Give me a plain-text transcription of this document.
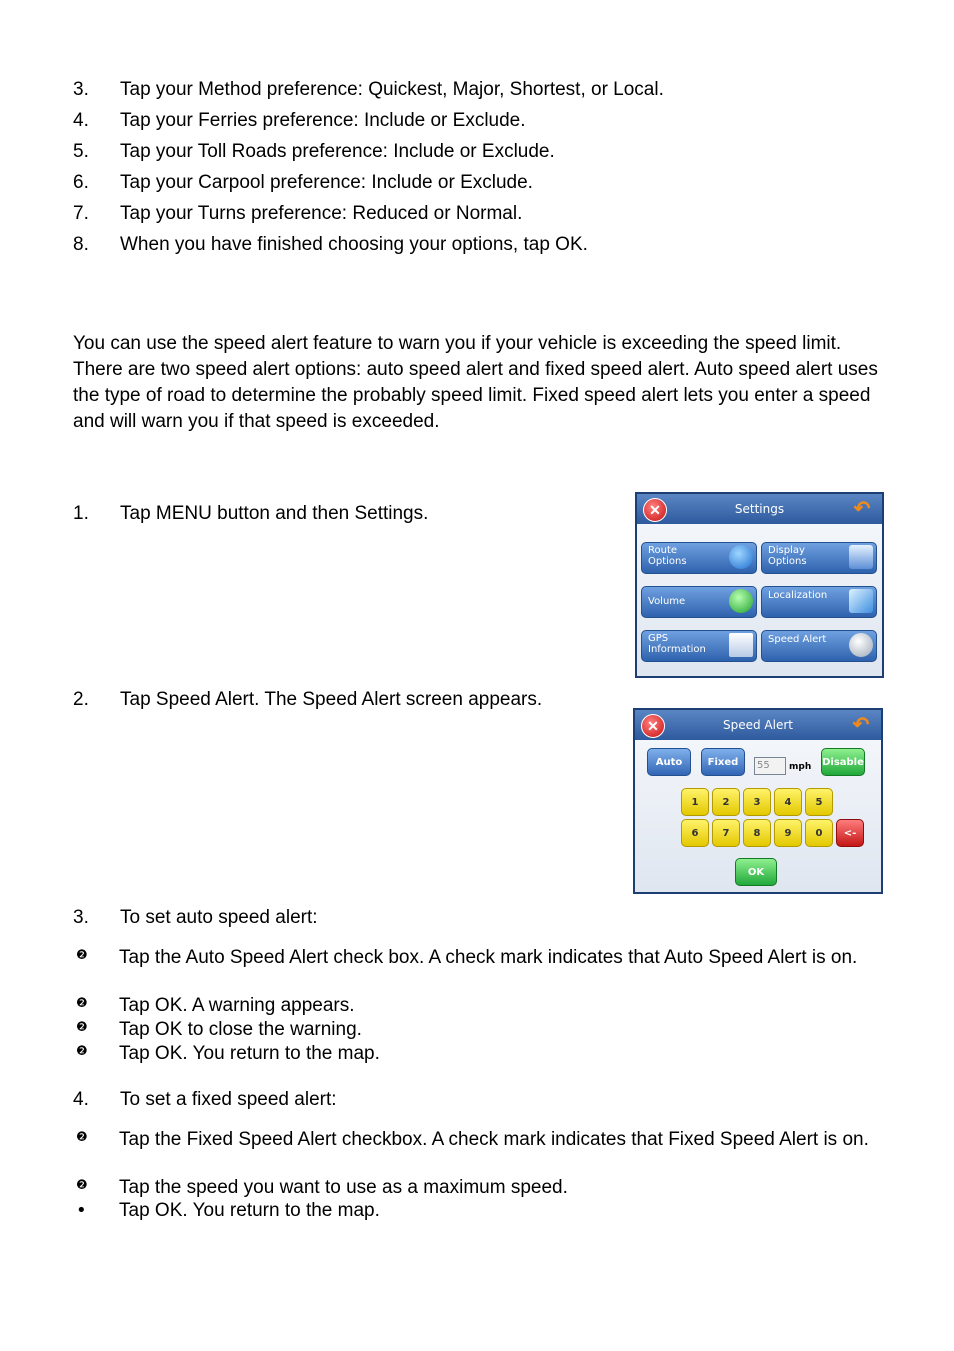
3. Tap your Method preference: Quickest, Major, Shortest, or Local.
4. Tap your Ferries preference: Include or Exclude.
5. Tap your Toll Roads preference: Include or Exclude.
6. Tap your Carpool preference: Include or Exclude.
7. Tap your Turns preference: Reduced or Normal.
8. When you have finished choosing your options, tap OK.
You can use the speed alert feature to warn you if your vehicle is exceeding the speed limit. There are two speed alert options: auto speed alert and fixed speed alert. Auto speed alert uses the type of road to determine the probably speed limit. Fixed speed alert lets you enter a speed and will warn you if that speed is exceeded.
1. Tap MENU button and then Settings.	Settings
✕	↶
Route Options
Display Options
Volume
Localization
GPS Information
Speed Alert
2. Tap Speed Alert. The Speed Alert screen appears.
Speed Alert
✕	↶
Auto	Fixed	55	mph Disable
1	2	3	4	5
6	7	8	9	0	<-
OK
3. To set auto speed alert:
❷ Tap the Auto Speed Alert check box. A check mark indicates that Auto Speed Alert is on.
❷ Tap OK. A warning appears.
❷ Tap OK to close the warning.
❷ Tap OK. You return to the map.
4. To set a fixed speed alert:
❷ Tap the Fixed Speed Alert checkbox. A check mark indicates that Fixed Speed Alert is on.
❷ Tap the speed you want to use as a maximum speed.
• Tap OK. You return to the map.
